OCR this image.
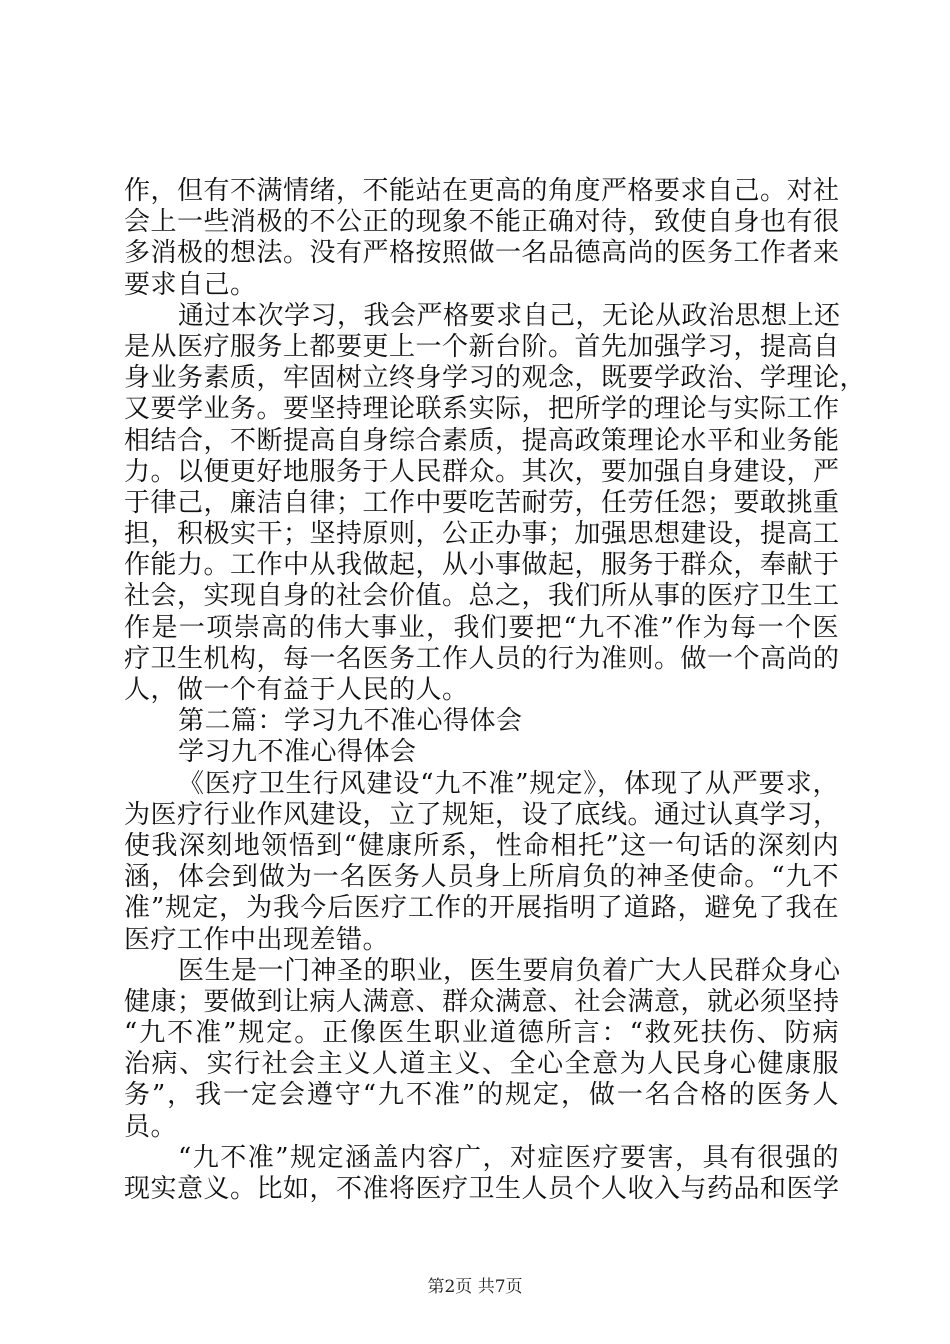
作，但有不满情绪，不能站在更高的角度严格要求自己。对社
会上一些消极的不公正的现象不能正确对待，致使自身也有很
多消极的想法。没有严格按照做一名品德高尚的医务工作者来
要求自己。
通过本次学习，我会严格要求自己，无论从政治思想上还
是从医疗服务上都要更上一个新台阶。首先加强学习，提高自
身业务素质，牢固树立终身学习的观念，既要学政治、学理论，
又要学业务。要坚持理论联系实际，把所学的理论与实际工作
相结合，不断提高自身综合素质，提高政策理论水平和业务能
力。以便更好地服务于人民群众。其次，要加强自身建设，严
于律己，廉洁自律；工作中要吃苦耐劳，任劳任怨；要敢挑重
担，积极实干；坚持原则，公正办事；加强思想建设，提高工
作能力。工作中从我做起，从小事做起，服务于群众，奉献于
社会，实现自身的社会价值。总之，我们所从事的医疗卫生工
作是一项崇高的伟大事业，我们要把“九不准”作为每一个医
疗卫生机构，每一名医务工作人员的行为准则。做一个高尚的
人，做一个有益于人民的人。
第二篇：学习九不准心得体会
学习九不准心得体会
《医疗卫生行风建设“九不准”规定》，体现了从严要求，
为医疗行业作风建设，立了规矩，设了底线。通过认真学习，
使我深刻地领悟到“健康所系，性命相托”这一句话的深刻内
涵，体会到做为一名医务人员身上所肩负的神圣使命。“九不
准”规定，为我今后医疗工作的开展指明了道路，避免了我在
医疗工作中出现差错。
医生是一门神圣的职业，医生要肩负着广大人民群众身心
健康；要做到让病人满意、群众满意、社会满意，就必须坚持
“九不准”规定。正像医生职业道德所言：“救死扶伤、防病
治病、实行社会主义人道主义、全心全意为人民身心健康服
务”，我一定会遵守“九不准”的规定，做一名合格的医务人
员。
“九不准”规定涵盖内容广，对症医疗要害，具有很强的
现实意义。比如，不准将医疗卫生人员个人收入与药品和医学
第2页 共7页
